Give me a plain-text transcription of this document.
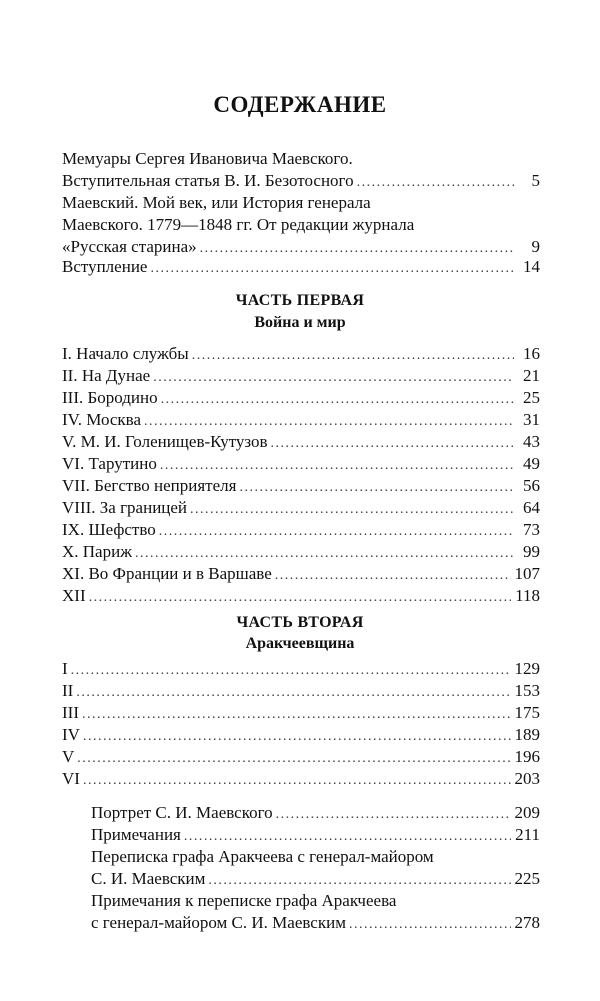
СОДЕРЖАНИЕ
Мемуары Сергея Ивановича Маевского.
Вступительная статья В. И. Безотосного .....	5
Маевский. Мой век, или История генерала
Маевского. 1779—1848 гг. От редакции журнала
«Русская старина» .....	9
Вступление .....	14
ЧАСТЬ ПЕРВАЯ
Война и мир
I. Начало службы .....	16
II. На Дунае .....	21
III. Бородино .....	25
IV. Москва .....	31
V. М. И. Голенищев-Кутузов .....	43
VI. Тарутино .....	49
VII. Бегство неприятеля .....	56
VIII. За границей .....	64
IX. Шефство .....	73
X. Париж .....	99
XI. Во Франции и в Варшаве .....	107
XII .....	118
ЧАСТЬ ВТОРАЯ
Аракчеевщина
I .....	129
II .....	153
III .....	175
IV .....	189
V .....	196
VI .....	203
Портрет С. И. Маевского .....	209
Примечания .....	211
Переписка графа Аракчеева с генерал-майором
С. И. Маевским .....	225
Примечания к переписке графа Аракчеева
с генерал-майором С. И. Маевским .....	278
